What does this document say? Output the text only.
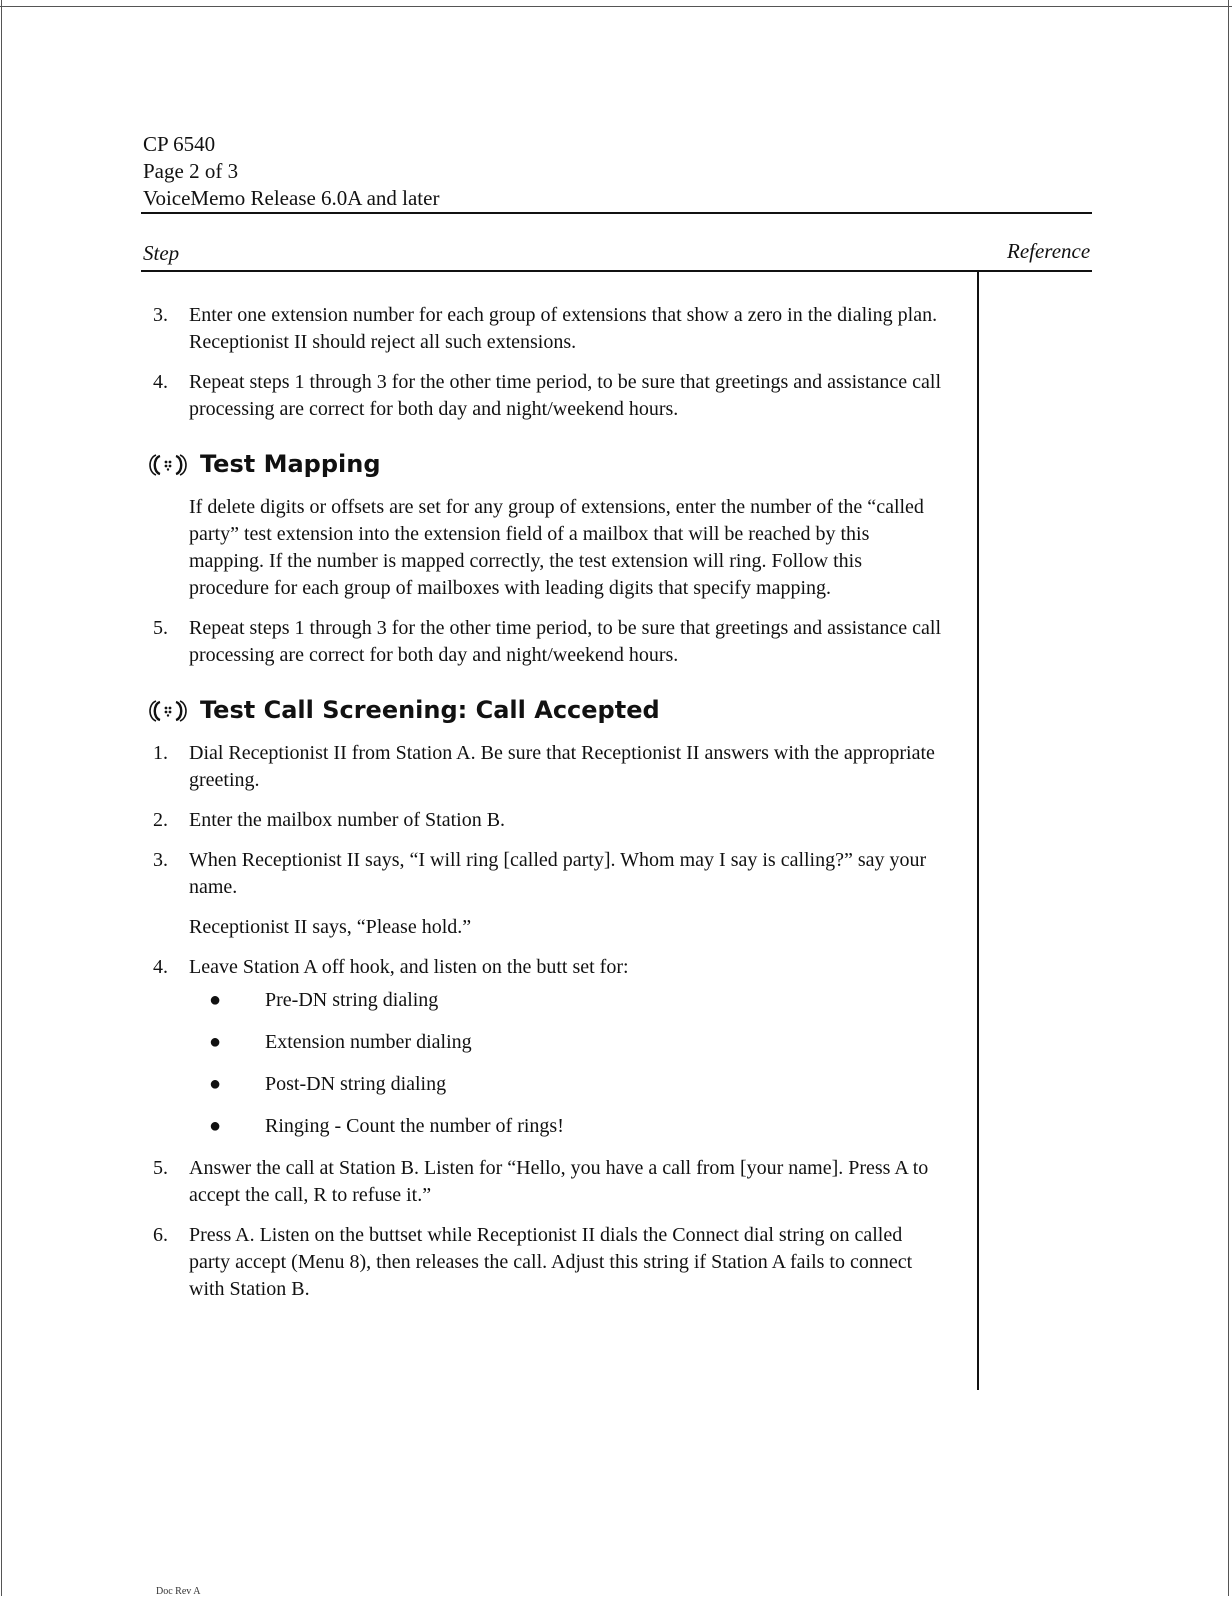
CP 6540
Page 2 of 3
VoiceMemo Release 6.0A and later
Step	Reference
3.	Enter one extension number for each group of extensions that show a zero in the dialing plan. Receptionist II should reject all such extensions.
4.	Repeat steps 1 through 3 for the other time period, to be sure that greetings and assistance call processing are correct for both day and night/weekend hours.
Test Mapping
If delete digits or offsets are set for any group of extensions, enter the number of the “called party” test extension into the extension field of a mailbox that will be reached by this mapping. If the number is mapped correctly, the test extension will ring. Follow this procedure for each group of mailboxes with leading digits that specify mapping.
5.	Repeat steps 1 through 3 for the other time period, to be sure that greetings and assistance call processing are correct for both day and night/weekend hours.
Test Call Screening: Call Accepted
1.	Dial Receptionist II from Station A. Be sure that Receptionist II answers with the appropriate greeting.
2.	Enter the mailbox number of Station B.
3.	When Receptionist II says, “I will ring [called party]. Whom may I say is calling?” say your name.
Receptionist II says, “Please hold.”
4.	Leave Station A off hook, and listen on the butt set for:
●	Pre-DN string dialing
●	Extension number dialing
●	Post-DN string dialing
●	Ringing - Count the number of rings!
5.	Answer the call at Station B. Listen for “Hello, you have a call from [your name]. Press A to accept the call, R to refuse it.”
6.	Press A. Listen on the buttset while Receptionist II dials the Connect dial string on called party accept (Menu 8), then releases the call. Adjust this string if Station A fails to connect with Station B.
Doc Rev A
